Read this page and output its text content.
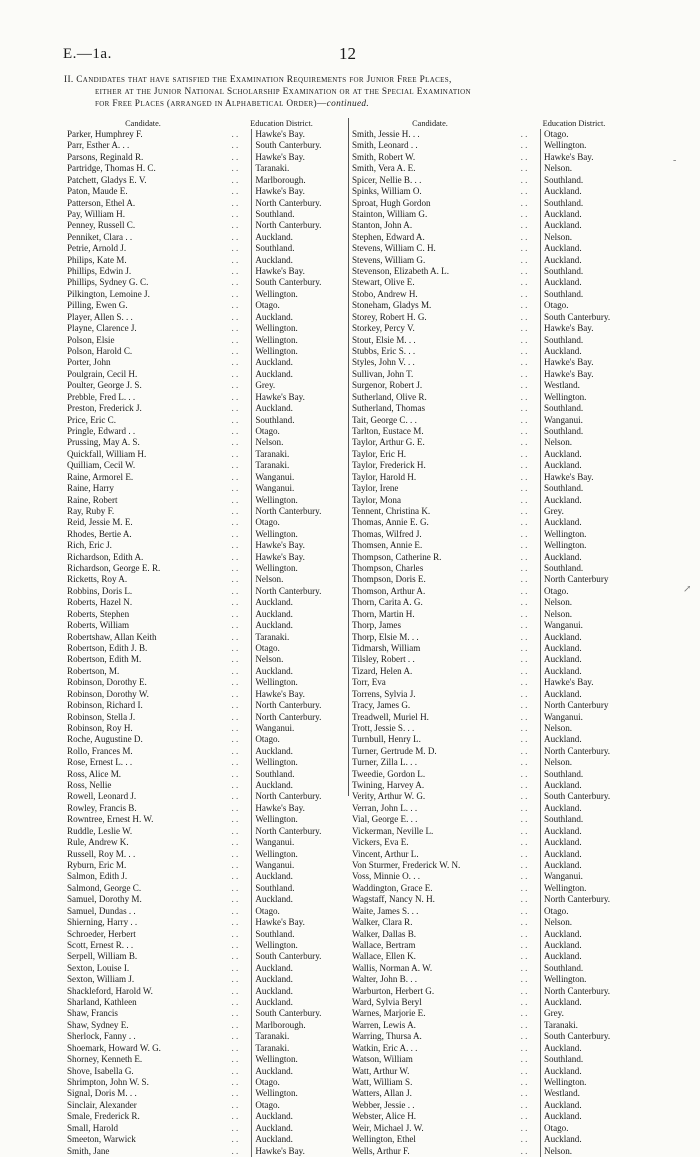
E.—1a.	12
II. Candidates that have satisfied the Examination Requirements for Junior Free Places,
either at the Junior National Scholarship Examination or at the Special Examination
for Free Places (arranged in Alphabetical Order)—continued.
Candidate.	Education District.
Parker, Humphrey F.	. .	Hawke's Bay.
Parr, Esther A. . .	. .	South Canterbury.
Parsons, Reginald R.	. .	Hawke's Bay.
Partridge, Thomas H. C.	. .	Taranaki.
Patchett, Gladys E. V.	. .	Marlborough.
Paton, Maude E.	. .	Hawke's Bay.
Patterson, Ethel A.	. .	North Canterbury.
Pay, William H.	. .	Southland.
Penney, Russell C.	. .	North Canterbury.
Penniket, Clara . .	. .	Auckland.
Petrie, Arnold J.	. .	Southland.
Philips, Kate M.	. .	Auckland.
Phillips, Edwin J.	. .	Hawke's Bay.
Phillips, Sydney G. C.	. .	South Canterbury.
Pilkington, Lemoine J.	. .	Wellington.
Pilling, Ewen G.	. .	Otago.
Player, Allen S. . .	. .	Auckland.
Playne, Clarence J.	. .	Wellington.
Polson, Elsie	. .	Wellington.
Polson, Harold C.	. .	Wellington.
Porter, John	. .	Auckland.
Poulgrain, Cecil H.	. .	Auckland.
Poulter, George J. S.	. .	Grey.
Prebble, Fred L. . .	. .	Hawke's Bay.
Preston, Frederick J.	. .	Auckland.
Price, Eric C.	. .	Southland.
Pringle, Edward . .	. .	Otago.
Prussing, May A. S.	. .	Nelson.
Quickfall, William H.	. .	Taranaki.
Quilliam, Cecil W.	. .	Taranaki.
Raine, Armorel E.	. .	Wanganui.
Raine, Harry	. .	Wanganui.
Raine, Robert	. .	Wellington.
Ray, Ruby F.	. .	North Canterbury.
Reid, Jessie M. E.	. .	Otago.
Rhodes, Bertie A.	. .	Wellington.
Rich, Eric J.	. .	Hawke's Bay.
Richardson, Edith A.	. .	Hawke's Bay.
Richardson, George E. R.	. .	Wellington.
Ricketts, Roy A.	. .	Nelson.
Robbins, Doris L.	. .	North Canterbury.
Roberts, Hazel N.	. .	Auckland.
Roberts, Stephen	. .	Auckland.
Roberts, William	. .	Auckland.
Robertshaw, Allan Keith	. .	Taranaki.
Robertson, Edith J. B.	. .	Otago.
Robertson, Edith M.	. .	Nelson.
Robertson, M.	. .	Auckland.
Robinson, Dorothy E.	. .	Wellington.
Robinson, Dorothy W.	. .	Hawke's Bay.
Robinson, Richard I.	. .	North Canterbury.
Robinson, Stella J.	. .	North Canterbury.
Robinson, Roy H.	. .	Wanganui.
Roche, Augustine D.	. .	Otago.
Rollo, Frances M.	. .	Auckland.
Rose, Ernest L. . .	. .	Wellington.
Ross, Alice M.	. .	Southland.
Ross, Nellie	. .	Auckland.
Rowell, Leonard J.	. .	North Canterbury.
Rowley, Francis B.	. .	Hawke's Bay.
Rowntree, Ernest H. W.	. .	Wellington.
Ruddle, Leslie W.	. .	North Canterbury.
Rule, Andrew K.	. .	Wanganui.
Russell, Roy M. . .	. .	Wellington.
Ryburn, Eric M.	. .	Wanganui.
Salmon, Edith J.	. .	Auckland.
Salmond, George C.	. .	Southland.
Samuel, Dorothy M.	. .	Auckland.
Samuel, Dundas . .	. .	Otago.
Shierning, Harry . .	. .	Hawke's Bay.
Schroeder, Herbert	. .	Southland.
Scott, Ernest R. . .	. .	Wellington.
Serpell, William B.	. .	South Canterbury.
Sexton, Louise I.	. .	Auckland.
Sexton, William J.	. .	Auckland.
Shackleford, Harold W.	. .	Auckland.
Sharland, Kathleen	. .	Auckland.
Shaw, Francis	. .	South Canterbury.
Shaw, Sydney E.	. .	Marlborough.
Sherlock, Fanny . .	. .	Taranaki.
Shoemark, Howard W. G.	. .	Taranaki.
Shorney, Kenneth E.	. .	Wellington.
Shove, Isabella G.	. .	Auckland.
Shrimpton, John W. S.	. .	Otago.
Signal, Doris M. . .	. .	Wellington.
Sinclair, Alexander	. .	Otago.
Smale, Frederick R.	. .	Auckland.
Small, Harold	. .	Auckland.
Smeeton, Warwick	. .	Auckland.
Smith, Jane	. .	Hawke's Bay.
Candidate.	Education District.
Smith, Jessie H. . .	. .	Otago.
Smith, Leonard . .	. .	Wellington.
Smith, Robert W.	. .	Hawke's Bay.
Smith, Vera A. E.	. .	Nelson.
Spicer, Nellie B. . .	. .	Southland.
Spinks, William O.	. .	Auckland.
Sproat, Hugh Gordon	. .	Southland.
Stainton, William G.	. .	Auckland.
Stanton, John A.	. .	Auckland.
Stephen, Edward A.	. .	Nelson.
Stevens, William C. H.	. .	Auckland.
Stevens, William G.	. .	Auckland.
Stevenson, Elizabeth A. L.	. .	Southland.
Stewart, Olive E.	. .	Auckland.
Stobo, Andrew H.	. .	Southland.
Stoneham, Gladys M.	. .	Otago.
Storey, Robert H. G.	. .	South Canterbury.
Storkey, Percy V.	. .	Hawke's Bay.
Stout, Elsie M. . .	. .	Southland.
Stubbs, Eric S. . .	. .	Auckland.
Styles, John V. . .	. .	Hawke's Bay.
Sullivan, John T.	. .	Hawke's Bay.
Surgenor, Robert J.	. .	Westland.
Sutherland, Olive R.	. .	Wellington.
Sutherland, Thomas	. .	Southland.
Tait, George C. . .	. .	Wanganui.
Tarlton, Eustace M.	. .	Southland.
Taylor, Arthur G. E.	. .	Nelson.
Taylor, Eric H.	. .	Auckland.
Taylor, Frederick H.	. .	Auckland.
Taylor, Harold H.	. .	Hawke's Bay.
Taylor, Irene	. .	Southland.
Taylor, Mona	. .	Auckland.
Tennent, Christina K.	. .	Grey.
Thomas, Annie E. G.	. .	Auckland.
Thomas, Wilfred J.	. .	Wellington.
Thomsen, Annie E.	. .	Wellington.
Thompson, Catherine R.	. .	Auckland.
Thompson, Charles	. .	Southland.
Thompson, Doris E.	. .	North Canterbury
Thomson, Arthur A.	. .	Otago.
Thorn, Carita A. G.	. .	Nelson.
Thorn, Martin H.	. .	Nelson.
Thorp, James	. .	Wanganui.
Thorp, Elsie M. . .	. .	Auckland.
Tidmarsh, William	. .	Auckland.
Tilsley, Robert . .	. .	Auckland.
Tizard, Helen A.	. .	Auckland.
Torr, Eva	. .	Hawke's Bay.
Torrens, Sylvia J.	. .	Auckland.
Tracy, James G.	. .	North Canterbury
Treadwell, Muriel H.	. .	Wanganui.
Trott, Jessie S. . .	. .	Nelson.
Turnbull, Henry L.	. .	Auckland.
Turner, Gertrude M. D.	. .	North Canterbury.
Turner, Zilla L. . .	. .	Nelson.
Tweedie, Gordon L.	. .	Southland.
Twining, Harvey A.	. .	Auckland.
Verity, Arthur W. G.	. .	South Canterbury.
Verran, John L. . .	. .	Auckland.
Vial, George E. . .	. .	Southland.
Vickerman, Neville L.	. .	Auckland.
Vickers, Eva E.	. .	Auckland.
Vincent, Arthur L.	. .	Auckland.
Von Sturmer, Frederick W. N.	. .	Auckland.
Voss, Minnie O. . .	. .	Wanganui.
Waddington, Grace E.	. .	Wellington.
Wagstaff, Nancy N. H.	. .	North Canterbury.
Waite, James S. . .	. .	Otago.
Walker, Clara R.	. .	Nelson.
Walker, Dallas B.	. .	Auckland.
Wallace, Bertram	. .	Auckland.
Wallace, Ellen K.	. .	Auckland.
Wallis, Norman A. W.	. .	Southland.
Walter, John B. . .	. .	Wellington.
Warburton, Herbert G.	. .	North Canterbury.
Ward, Sylvia Beryl	. .	Auckland.
Warnes, Marjorie E.	. .	Grey.
Warren, Lewis A.	. .	Taranaki.
Warring, Thursa A.	. .	South Canterbury.
Watkin, Eric A. . .	. .	Auckland.
Watson, William	. .	Southland.
Watt, Arthur W.	. .	Auckland.
Watt, William S.	. .	Wellington.
Watters, Allan J.	. .	Westland.
Webber, Jessie . .	. .	Auckland.
Webster, Alice H.	. .	Auckland.
Weir, Michael J. W.	. .	Otago.
Wellington, Ethel	. .	Auckland.
Wells, Arthur F.	. .	Nelson.
-
↗
